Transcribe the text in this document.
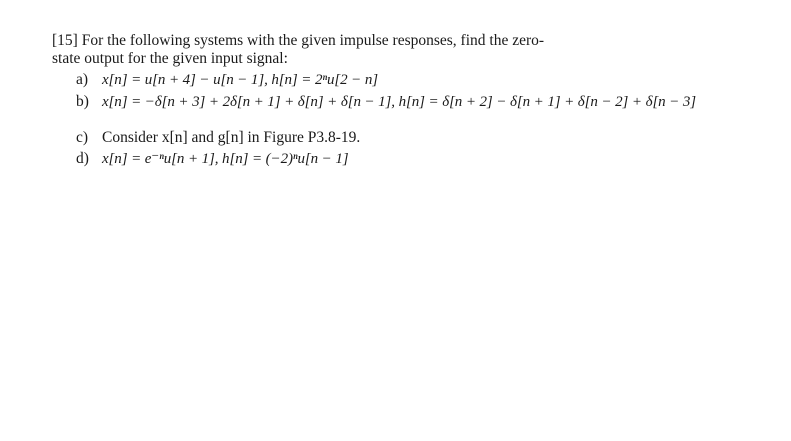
[15] For the following systems with the given impulse responses, find the zero-
state output for the given input signal:

a) x[n] = u[n + 4] − u[n − 1], h[n] = 2ⁿu[2 − n]
b) x[n] = −δ[n + 3] + 2δ[n + 1] + δ[n] + δ[n − 1], h[n] = δ[n + 2] − δ[n + 1] + δ[n − 2] + δ[n − 3]
c) Consider x[n] and g[n] in Figure P3.8-19.
d) x[n] = e⁻ⁿu[n + 1], h[n] = (−2)ⁿu[n − 1]
